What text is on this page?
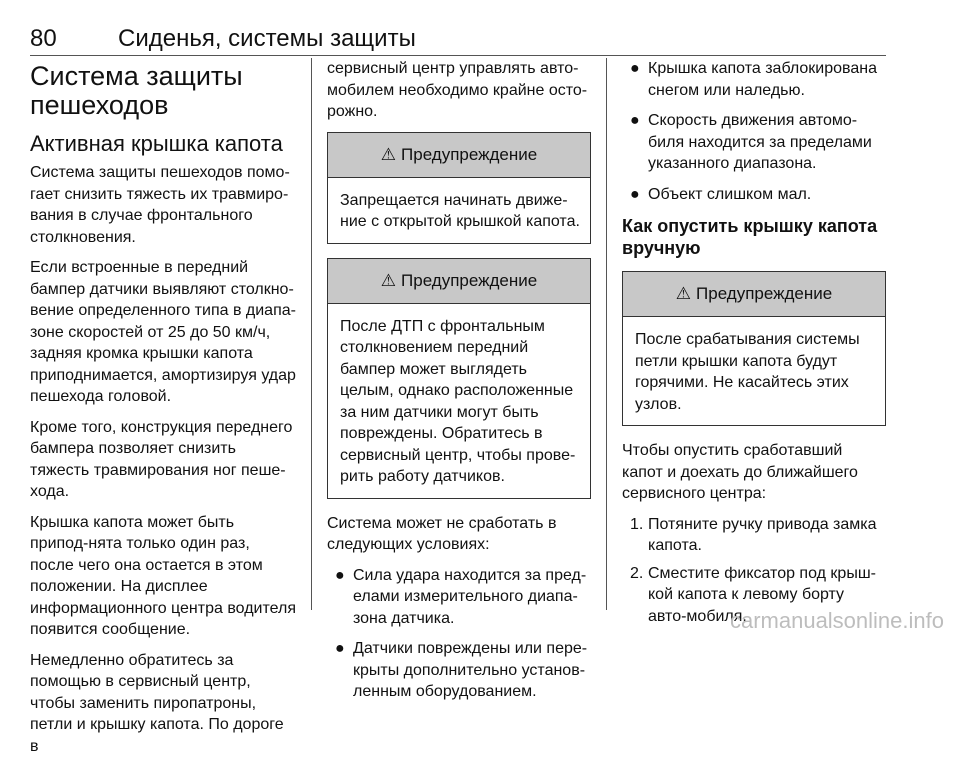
80	Сиденья, системы защиты
Система защиты пешеходов
Активная крышка капота

Система защиты пешеходов помо-гает снизить тяжесть их травмиро-вания в случае фронтального столкновения.

Если встроенные в передний бампер датчики выявляют столкно-вение определенного типа в диапа-зоне скоростей от 25 до 50 км/ч, задняя кромка крышки капота приподнимается, амортизируя удар пешехода головой.

Кроме того, конструкция переднего бампера позволяет снизить тяжесть травмирования ног пеше-хода.

Крышка капота может быть припод-нята только один раз, после чего она остается в этом положении. На дисплее информационного центра водителя появится сообщение.

Немедленно обратитесь за помощью в сервисный центр, чтобы заменить пиропатроны, петли и крышку капота. По дороге в

сервисный центр управлять авто-мобилем необходимо крайне осто-рожно.

⚠ Предупреждение
Запрещается начинать движе-ние с открытой крышкой капота.
⚠ Предупреждение
После ДТП с фронтальным столкновением передний бампер может выглядеть целым, однако расположенные за ним датчики могут быть повреждены. Обратитесь в сервисный центр, чтобы прове-рить работу датчиков.

Система может не сработать в следующих условиях:

● Сила удара находится за пред-елами измерительного диапа-зона датчика.
● Датчики повреждены или пере-крыты дополнительно установ-ленным оборудованием.
● Крышка капота заблокирована снегом или наледью.
● Скорость движения автомо-биля находится за пределами указанного диапазона.
● Объект слишком мал.
Как опустить крышку капота вручную
⚠ Предупреждение
После срабатывания системы петли крышки капота будут горячими. Не касайтесь этих узлов.

Чтобы опустить сработавший капот и доехать до ближайшего сервисного центра:

1. Потяните ручку привода замка капота.
2. Сместите фиксатор под крыш-кой капота к левому борту авто-мобиля.
carmanualsonline.info
